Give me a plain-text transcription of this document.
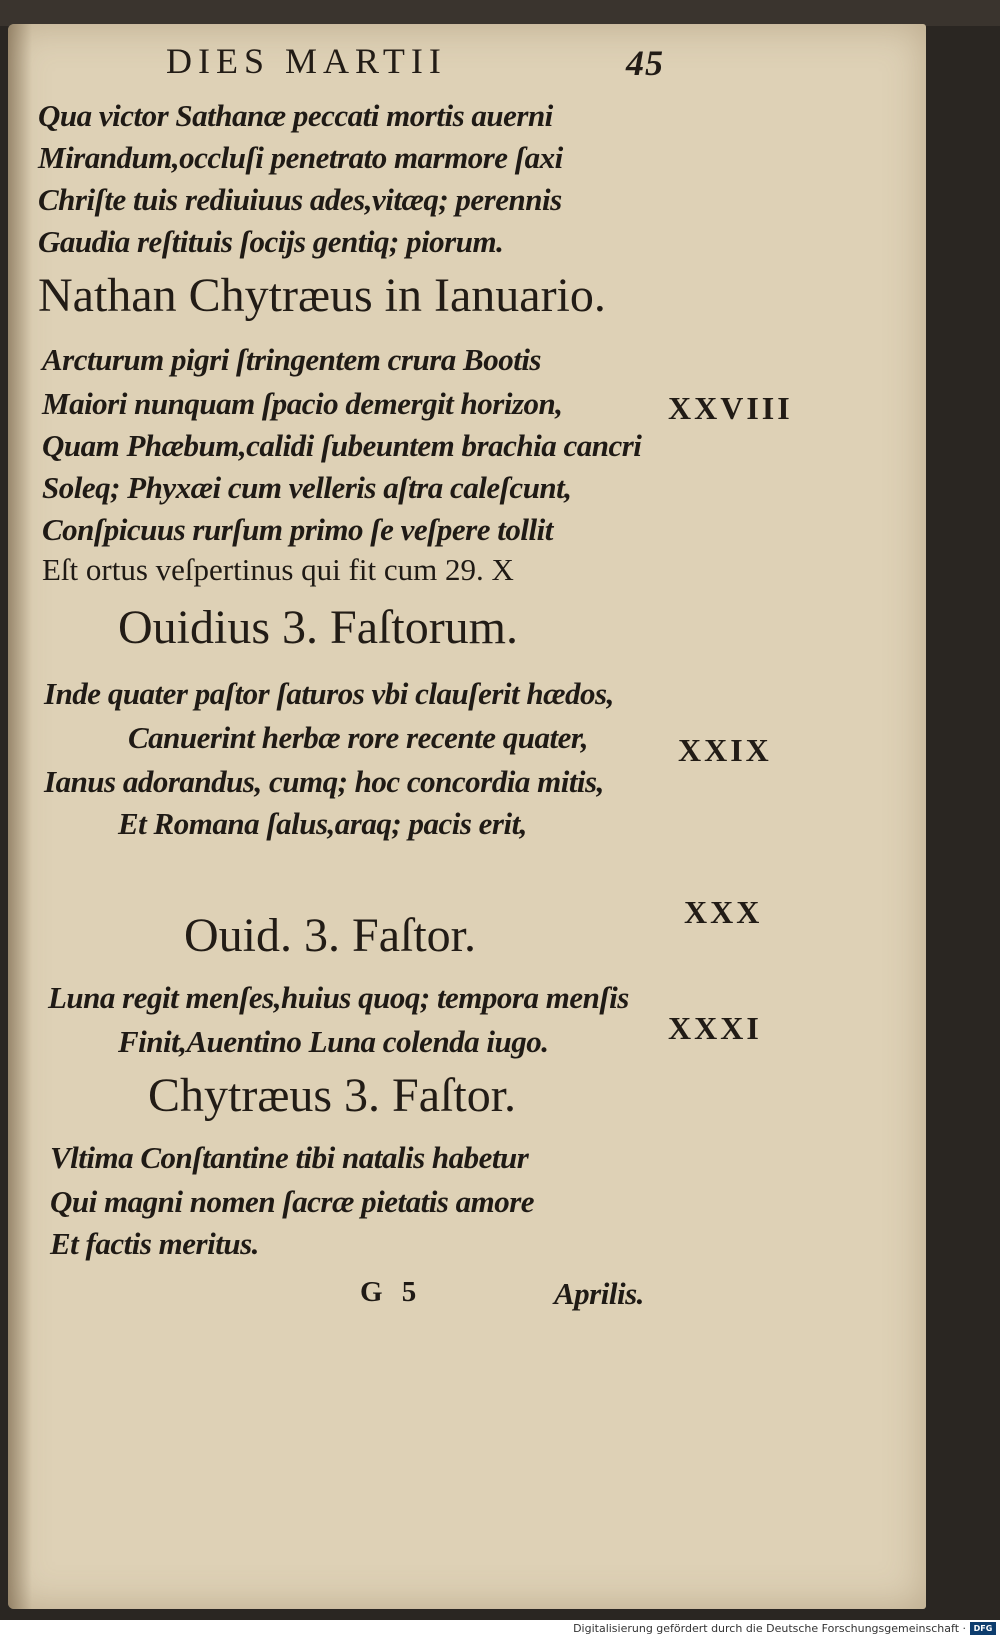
DIES MARTII	45
Qua victor Sathanæ peccati mortis auerni
Mirandum,occluſi penetrato marmore ſaxi
Chriſte tuis rediuiuus ades,vitæq; perennis
Gaudia reſtituis ſocijs gentiq; piorum.
Nathan Chytræus in Ianuario.
Arcturum pigri ſtringentem crura Bootis
Maiori nunquam ſpacio demergit horizon,	XXVIII
Quam Phæbum,calidi ſubeuntem brachia cancri
Soleq; Phyxæi cum velleris aſtra caleſcunt,
Conſpicuus rurſum primo ſe veſpere tollit
Eſt ortus veſpertinus qui fit cum 29. X
Ouidius 3. Faſtorum.
Inde quater paſtor ſaturos vbi clauſerit hædos,
Canuerint herbæ rore recente quater,	XXIX
Ianus adorandus, cumq; hoc concordia mitis,
Et Romana ſalus,araq; pacis erit,
XXX
Ouid. 3. Faſtor.
Luna regit menſes,huius quoq; tempora menſis
XXXI
Finit,Auentino Luna colenda iugo.
Chytræus 3. Faſtor.
Vltima Conſtantine tibi natalis habetur
Qui magni nomen ſacræ pietatis amore
Et factis meritus.
G 5	Aprilis.
Digitalisierung gefördert durch die Deutsche Forschungsgemeinschaft · DFG
